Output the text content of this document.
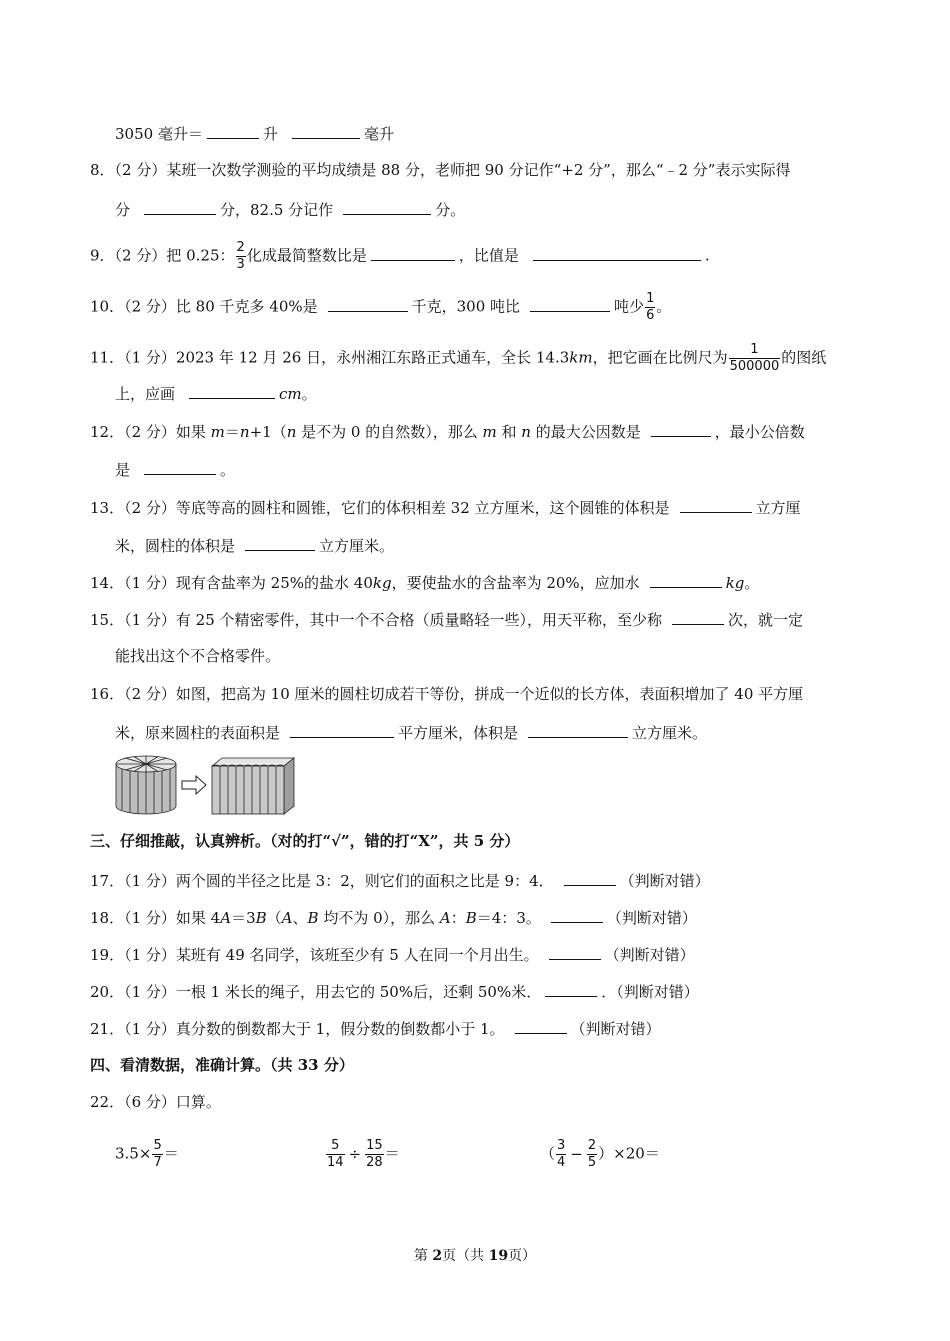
3050 毫升＝	升	毫升
8．（2 分）某班一次数学测验的平均成绩是 88 分，老师把 90 分记作“+2 分”，那么“﹣2 分”表示实际得
分	分，82.5 分记作	分。
9．（2 分）把 0.25： $\frac{2}{3}$ 化成最简整数比是	，比值是	.
10．（2 分）比 80 千克多 40%是	千克，300 吨比	吨少 $\frac{1}{6}$ 。
11．（1 分）2023 年 12 月 26 日，永州湘江东路正式通车，全长 14.3km，把它画在比例尺为 $\frac{1}{500000}$ 的图纸
上，应画	cm。
12．（2 分）如果 m＝n+1（n 是不为 0 的自然数），那么 m 和 n 的最大公因数是	，最小公倍数
是	。
13．（2 分）等底等高的圆柱和圆锥，它们的体积相差 32 立方厘米，这个圆锥的体积是	立方厘
米，圆柱的体积是	立方厘米。
14．（1 分）现有含盐率为 25%的盐水 40kg，要使盐水的含盐率为 20%，应加水	kg。
15．（1 分）有 25 个精密零件，其中一个不合格（质量略轻一些），用天平称，至少称	次，就一定
能找出这个不合格零件。
16．（2 分）如图，把高为 10 厘米的圆柱切成若干等份，拼成一个近似的长方体，表面积增加了 40 平方厘
米，原来圆柱的表面积是	平方厘米，体积是	立方厘米。
三、仔细推敲，认真辨析。（对的打“√”，错的打“X”，共 5 分）
17．（1 分）两个圆的半径之比是 3：2，则它们的面积之比是 9：4．	（判断对错）
18．（1 分）如果 4A＝3B（A、B 均不为 0），那么 A：B＝4：3。	（判断对错）
19．（1 分）某班有 49 名同学，该班至少有 5 人在同一个月出生。	（判断对错）
20．（1 分）一根 1 米长的绳子，用去它的 50%后，还剩 50%米．	．（判断对错）
21．（1 分）真分数的倒数都大于 1，假分数的倒数都小于 1。	（判断对错）
四、看清数据，准确计算。（共 33 分）
22．（6 分）口算。
$3.5\times \frac{5}{7}$ ＝	$\frac{5}{14} \div \frac{15}{28}$ ＝	（ $\frac{3}{4} - \frac{2}{5} )\times 20=$
第 2页（共 19页）
